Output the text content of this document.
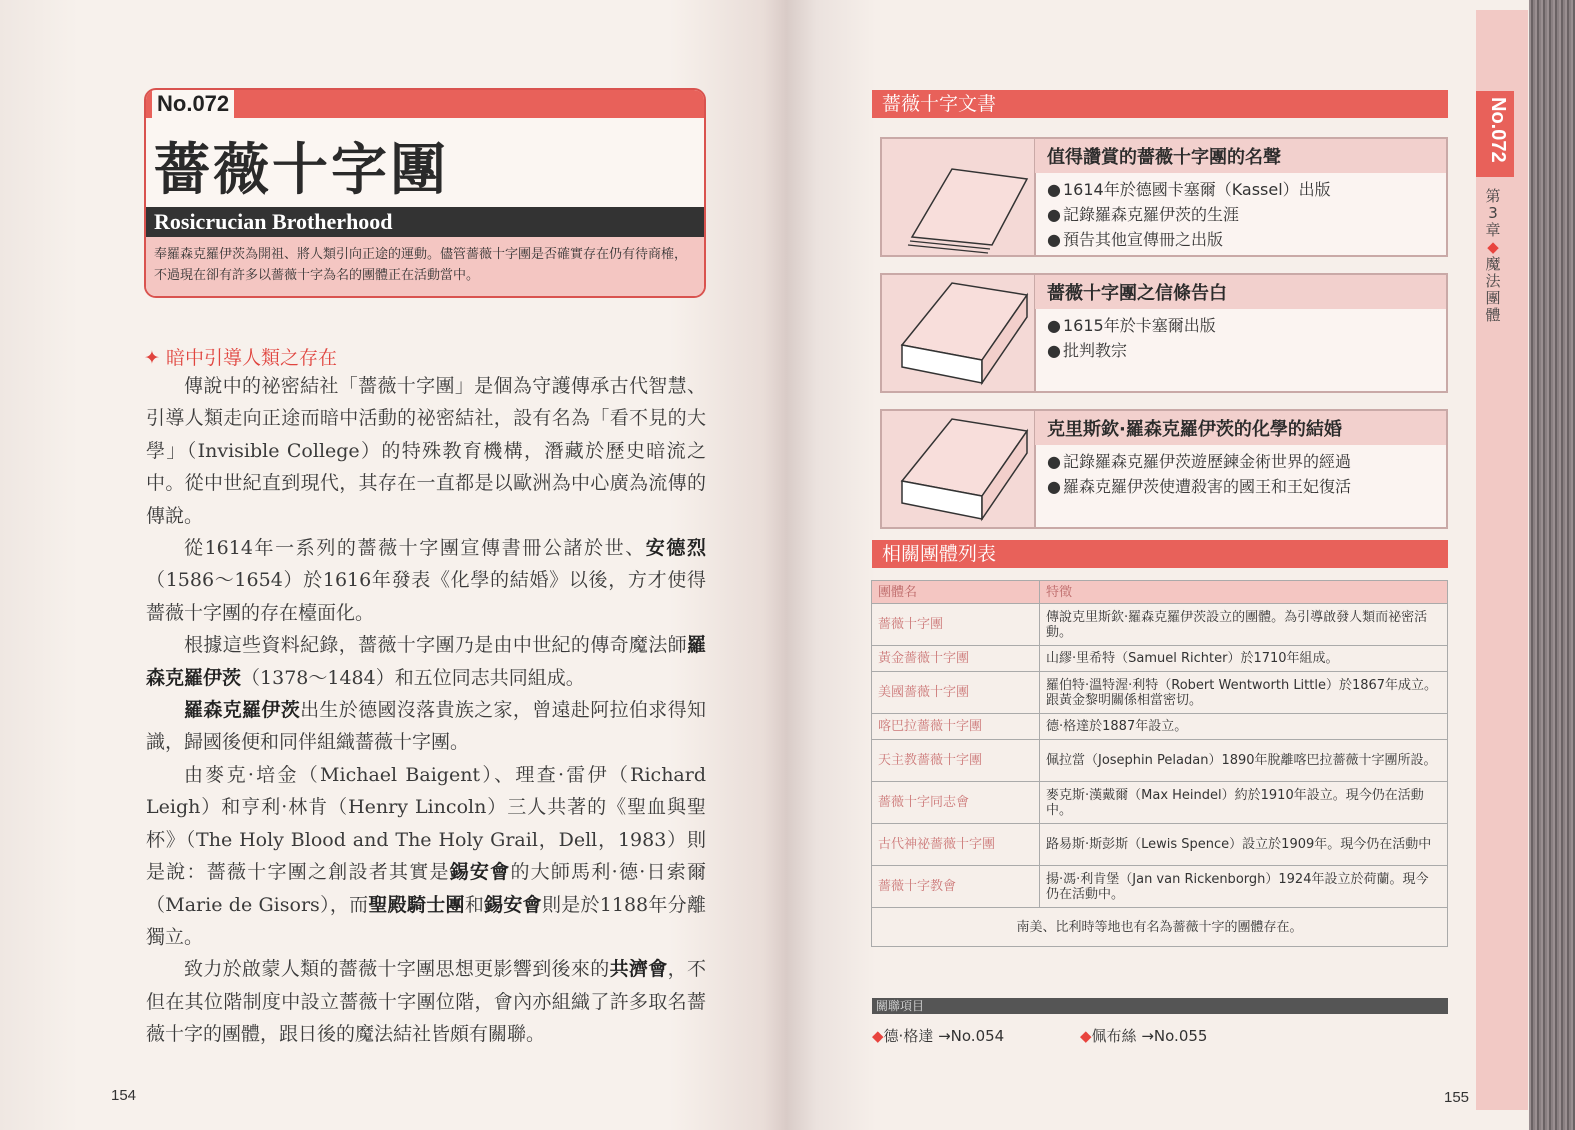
No.072
薔薇十字團
Rosicrucian Brotherhood
奉羅森克羅伊茨為開祖、將人類引向正途的運動。儘管薔薇十字團是否確實存在仍有待商榷，不過現在卻有許多以薔薇十字為名的團體正在活動當中。
✦ 暗中引導人類之存在

傳說中的祕密結社「薔薇十字團」是個為守護傳承古代智慧、引導人類走向正途而暗中活動的祕密結社，設有名為「看不見的大學」（Invisible College）的特殊教育機構，潛藏於歷史暗流之中。從中世紀直到現代，其存在一直都是以歐洲為中心廣為流傳的傳說。

從1614年一系列的薔薇十字團宣傳書冊公諸於世、安德烈（1586～1654）於1616年發表《化學的結婚》以後，方才使得薔薇十字團的存在檯面化。

根據這些資料紀錄，薔薇十字團乃是由中世紀的傳奇魔法師羅森克羅伊茨（1378～1484）和五位同志共同組成。

羅森克羅伊茨出生於德國沒落貴族之家，曾遠赴阿拉伯求得知識，歸國後便和同伴組織薔薇十字團。

由麥克·培金（Michael Baigent）、理查·雷伊（Richard Leigh）和亨利·林肯（Henry Lincoln）三人共著的《聖血與聖杯》（The Holy Blood and The Holy Grail，Dell，1983）則是說：薔薇十字團之創設者其實是錫安會的大師馬利·德·日索爾（Marie de Gisors），而聖殿騎士團和錫安會則是於1188年分離獨立。

致力於啟蒙人類的薔薇十字團思想更影響到後來的共濟會，不但在其位階制度中設立薔薇十字團位階，會內亦組織了許多取名薔薇十字的團體，跟日後的魔法結社皆頗有關聯。

154
No.072
第3章 ◆ 魔法團體
薔薇十字文書
值得讚賞的薔薇十字團的名聲
● 1614年於德國卡塞爾（Kassel）出版
● 記錄羅森克羅伊茨的生涯
● 預告其他宣傳冊之出版
薔薇十字團之信條告白
● 1615年於卡塞爾出版
● 批判教宗
克里斯欽·羅森克羅伊茨的化學的結婚
● 記錄羅森克羅伊茨遊歷鍊金術世界的經過
● 羅森克羅伊茨使遭殺害的國王和王妃復活
相關團體列表
團體名	特徵
薔薇十字團	傳說克里斯欽·羅森克羅伊茨設立的團體。為引導啟發人類而祕密活動。
黃金薔薇十字團	山繆·里希特（Samuel Richter）於1710年組成。
美國薔薇十字團	羅伯特·溫特渥·利特（Robert Wentworth Little）於1867年成立。跟黃金黎明關係相當密切。
喀巴拉薔薇十字團	德·格達於1887年設立。
天主教薔薇十字團	佩拉當（Josephin Peladan）1890年脫離喀巴拉薔薇十字團所設。
薔薇十字同志會	麥克斯·漢戴爾（Max Heindel）約於1910年設立。現今仍在活動中。
古代神祕薔薇十字團	路易斯·斯彭斯（Lewis Spence）設立於1909年。現今仍在活動中
薔薇十字教會	揚·馮·利肯堡（Jan van Rickenborgh）1924年設立於荷蘭。現今仍在活動中。
南美、比利時等地也有名為薔薇十字的團體存在。	
關聯項目
◆德·格達 →No.054	◆佩布絲 →No.055
155
